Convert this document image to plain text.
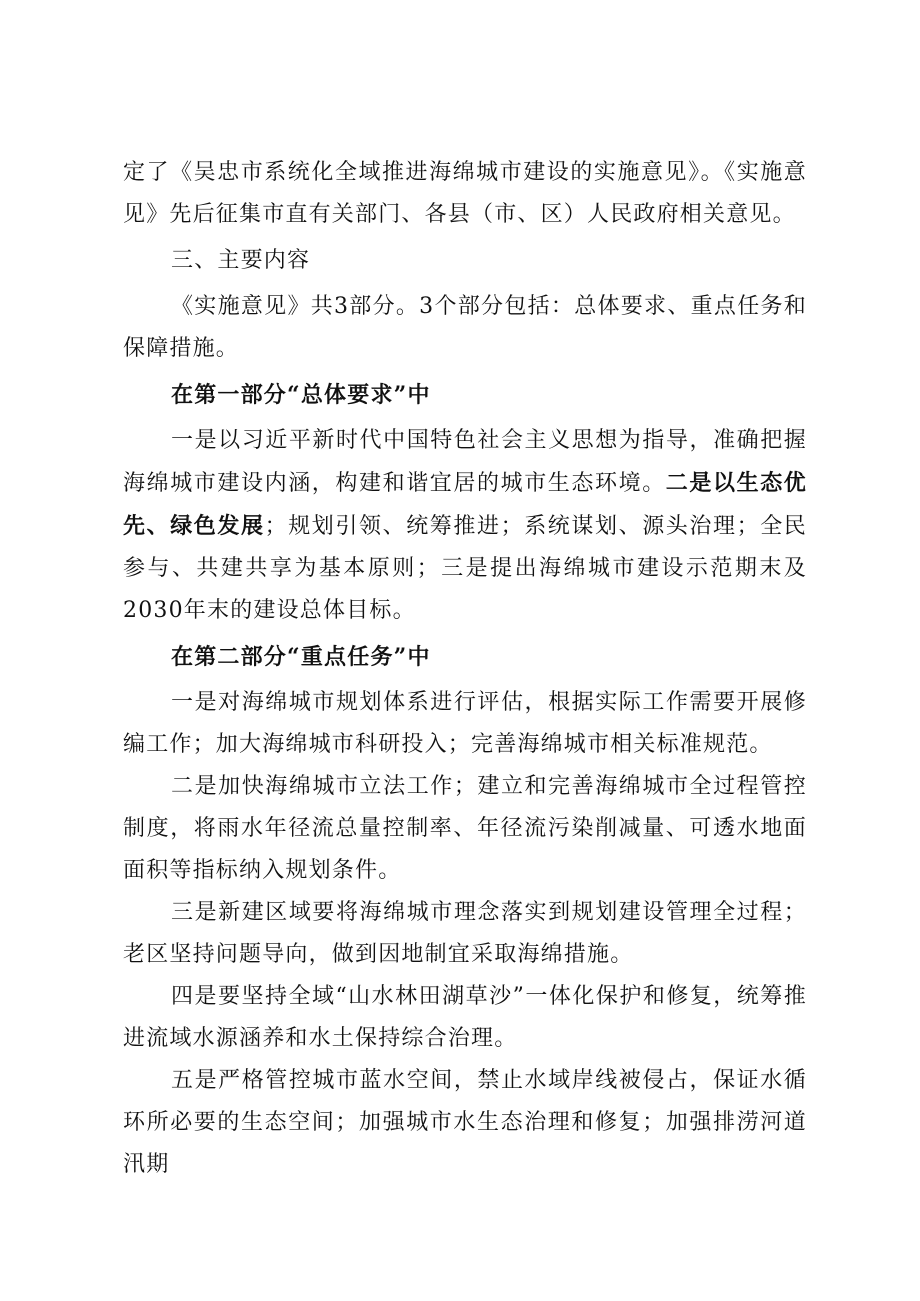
定了《吴忠市系统化全域推进海绵城市建设的实施意见》。《实施意见》先后征集市直有关部门、各县（市、区）人民政府相关意见。

三、主要内容

《实施意见》共3部分。3个部分包括：总体要求、重点任务和保障措施。

在第一部分“总体要求”中

一是以习近平新时代中国特色社会主义思想为指导，准确把握海绵城市建设内涵，构建和谐宜居的城市生态环境。二是以生态优先、绿色发展；规划引领、统筹推进；系统谋划、源头治理；全民参与、共建共享为基本原则；三是提出海绵城市建设示范期末及2030年末的建设总体目标。

在第二部分“重点任务”中

一是对海绵城市规划体系进行评估，根据实际工作需要开展修编工作；加大海绵城市科研投入；完善海绵城市相关标准规范。

二是加快海绵城市立法工作；建立和完善海绵城市全过程管控制度，将雨水年径流总量控制率、年径流污染削减量、可透水地面面积等指标纳入规划条件。

三是新建区域要将海绵城市理念落实到规划建设管理全过程；老区坚持问题导向，做到因地制宜采取海绵措施。

四是要坚持全域“山水林田湖草沙”一体化保护和修复，统筹推进流域水源涵养和水土保持综合治理。

五是严格管控城市蓝水空间，禁止水域岸线被侵占，保证水循环所必要的生态空间；加强城市水生态治理和修复；加强排涝河道汛期
